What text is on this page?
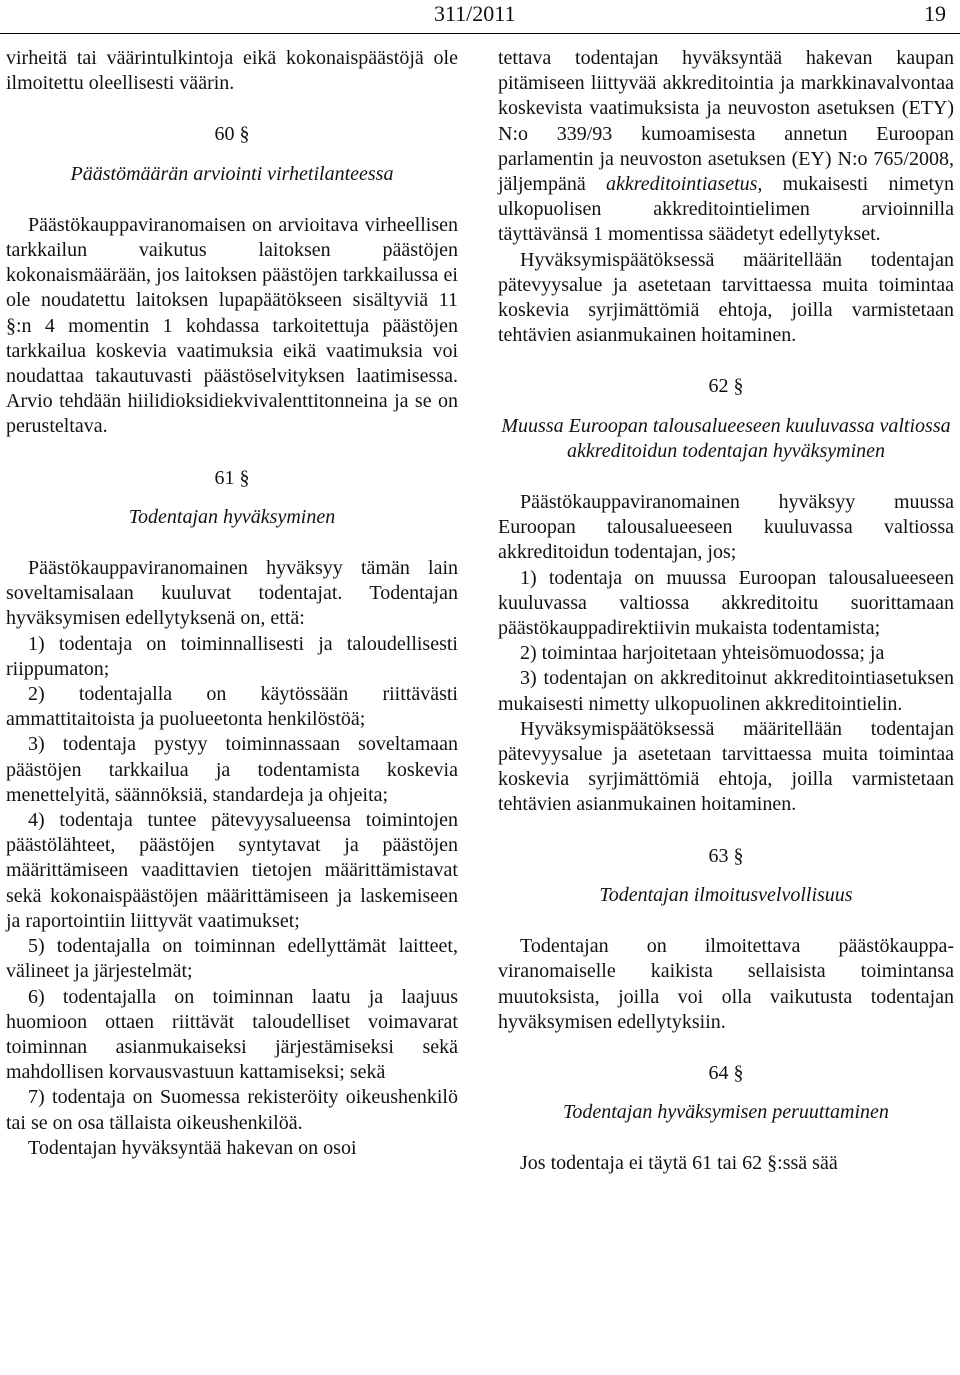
311/2011	19

virheitä tai väärintulkintoja eikä kokonaispäästöjä ole ilmoitettu oleellisesti väärin.

60 §

Päästömäärän arviointi virhetilanteessa

Päästökauppaviranomaisen on arvioitava virheellisen tarkkailun vaikutus laitoksen päästöjen kokonaismäärään, jos laitoksen päästöjen tarkkailussa ei ole noudatettu laitoksen lupapäätökseen sisältyviä 11 §:n 4 momentin 1 kohdassa tarkoitettuja päästöjen tarkkailua koskevia vaatimuksia eikä vaatimuksia voi noudattaa takautuvasti päästöselvityksen laatimisessa. Arvio tehdään hiilidioksidiekvivalenttitonneina ja se on perusteltava.

61 §

Todentajan hyväksyminen

Päästökauppaviranomainen hyväksyy tämän lain soveltamisalaan kuuluvat todentajat. Todentajan hyväksymisen edellytyksenä on, että:

1) todentaja on toiminnallisesti ja taloudellisesti riippumaton;

2) todentajalla on käytössään riittävästi ammattitaitoista ja puolueetonta henkilöstöä;

3) todentaja pystyy toiminnassaan soveltamaan päästöjen tarkkailua ja todentamista koskevia menettelyitä, säännöksiä, standardeja ja ohjeita;

4) todentaja tuntee pätevyysalueensa toimintojen päästölähteet, päästöjen syntytavat ja päästöjen määrittämiseen vaadittavien tietojen määrittämistavat sekä kokonaispäästöjen määrittämiseen ja laskemiseen ja raportointiin liittyvät vaatimukset;

5) todentajalla on toiminnan edellyttämät laitteet, välineet ja järjestelmät;

6) todentajalla on toiminnan laatu ja laajuus huomioon ottaen riittävät taloudelliset voimavarat toiminnan asianmukaiseksi järjestämiseksi sekä mahdollisen korvausvastuun kattamiseksi; sekä

7) todentaja on Suomessa rekisteröity oikeushenkilö tai se on osa tällaista oikeushenkilöä.

Todentajan hyväksyntää hakevan on osoi

tettava todentajan hyväksyntää hakevan kaupan pitämiseen liittyvää akkreditointia ja markkinavalvontaa koskevista vaatimuksista ja neuvoston asetuksen (ETY) N:o 339/93 kumoamisesta annetun Euroopan parlamentin ja neuvoston asetuksen (EY) N:o 765/2008, jäljempänä akkreditointiasetus, mukaisesti nimetyn ulkopuolisen akkreditointielimen arvioinnilla täyttävänsä 1 momentissa säädetyt edellytykset.

Hyväksymispäätöksessä määritellään todentajan pätevyysalue ja asetetaan tarvittaessa muita toimintaa koskevia syrjimättömiä ehtoja, joilla varmistetaan tehtävien asianmukainen hoitaminen.

62 §

Muussa Euroopan talousalueeseen kuuluvassa valtiossa akkreditoidun todentajan hyväksyminen

Päästökauppaviranomainen hyväksyy muussa Euroopan talousalueeseen kuuluvassa valtiossa akkreditoidun todentajan, jos;

1) todentaja on muussa Euroopan talousalueeseen kuuluvassa valtiossa akkreditoitu suorittamaan päästökauppadirektiivin mukaista todentamista;

2) toimintaa harjoitetaan yhteisömuodossa; ja

3) todentajan on akkreditoinut akkreditointiasetuksen mukaisesti nimetty ulkopuolinen akkreditointielin.

Hyväksymispäätöksessä määritellään todentajan pätevyysalue ja asetetaan tarvittaessa muita toimintaa koskevia syrjimättömiä ehtoja, joilla varmistetaan tehtävien asianmukainen hoitaminen.

63 §

Todentajan ilmoitusvelvollisuus

Todentajan on ilmoitettava päästökauppaviranomaiselle kaikista sellaisista toimintansa muutoksista, joilla voi olla vaikutusta todentajan hyväksymisen edellytyksiin.

64 §

Todentajan hyväksymisen peruuttaminen

Jos todentaja ei täytä 61 tai 62 §:ssä sää
